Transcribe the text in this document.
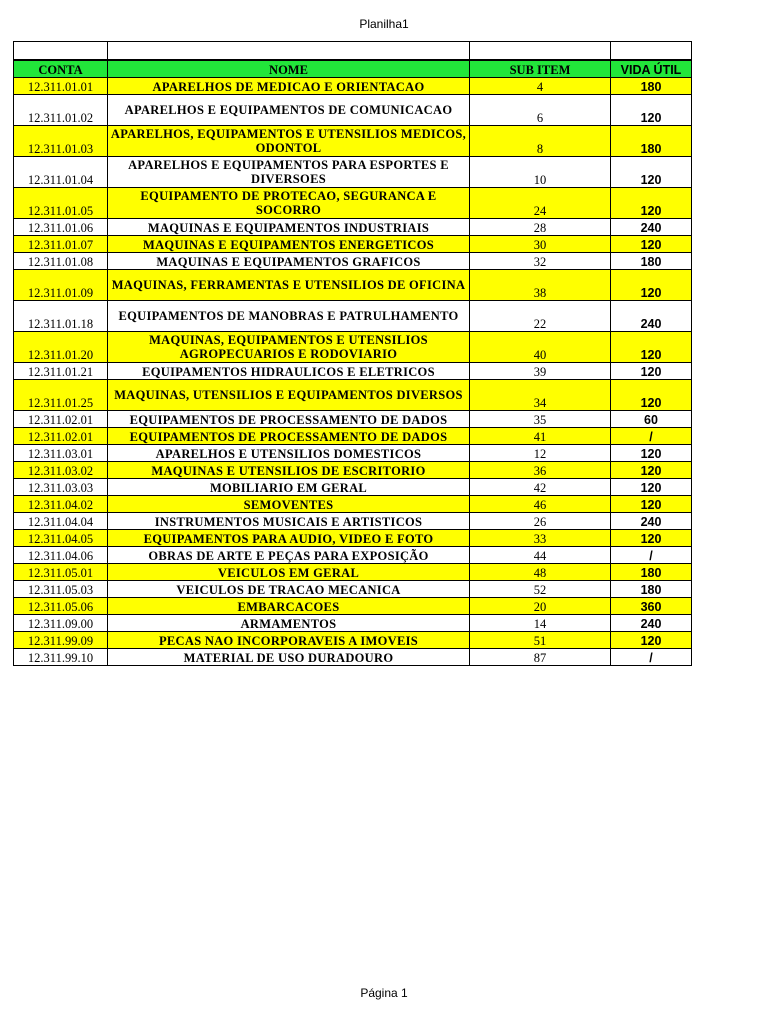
Planilha1

CONTA	NOME	SUB ITEM	VIDA ÚTIL
12.311.01.01	APARELHOS DE MEDICAO E ORIENTACAO	4	180
12.311.01.02	APARELHOS E EQUIPAMENTOS DE COMUNICACAO	6	120
12.311.01.03	APARELHOS, EQUIPAMENTOS E UTENSILIOS MEDICOS, ODONTOL	8	180
12.311.01.04	APARELHOS E EQUIPAMENTOS PARA ESPORTES E DIVERSOES	10	120
12.311.01.05	EQUIPAMENTO DE PROTECAO, SEGURANCA E SOCORRO	24	120
12.311.01.06	MAQUINAS E EQUIPAMENTOS INDUSTRIAIS	28	240
12.311.01.07	MAQUINAS E EQUIPAMENTOS ENERGETICOS	30	120
12.311.01.08	MAQUINAS E EQUIPAMENTOS GRAFICOS	32	180
12.311.01.09	MAQUINAS, FERRAMENTAS E UTENSILIOS DE OFICINA	38	120
12.311.01.18	EQUIPAMENTOS DE MANOBRAS E PATRULHAMENTO	22	240
12.311.01.20	MAQUINAS, EQUIPAMENTOS E UTENSILIOS AGROPECUARIOS E RODOVIARIO	40	120
12.311.01.21	EQUIPAMENTOS HIDRAULICOS E ELETRICOS	39	120
12.311.01.25	MAQUINAS, UTENSILIOS E EQUIPAMENTOS DIVERSOS	34	120
12.311.02.01	EQUIPAMENTOS DE PROCESSAMENTO DE DADOS	35	60
12.311.02.01	EQUIPAMENTOS DE PROCESSAMENTO DE DADOS	41	/
12.311.03.01	APARELHOS E UTENSILIOS DOMESTICOS	12	120
12.311.03.02	MAQUINAS E UTENSILIOS DE ESCRITORIO	36	120
12.311.03.03	MOBILIARIO EM GERAL	42	120
12.311.04.02	SEMOVENTES	46	120
12.311.04.04	INSTRUMENTOS MUSICAIS E ARTISTICOS	26	240
12.311.04.05	EQUIPAMENTOS PARA AUDIO, VIDEO E FOTO	33	120
12.311.04.06	OBRAS DE ARTE E PEÇAS PARA EXPOSIÇÃO	44	/
12.311.05.01	VEICULOS EM GERAL	48	180
12.311.05.03	VEICULOS DE TRACAO MECANICA	52	180
12.311.05.06	EMBARCACOES	20	360
12.311.09.00	ARMAMENTOS	14	240
12.311.99.09	PECAS NAO INCORPORAVEIS A IMOVEIS	51	120
12.311.99.10	MATERIAL DE USO DURADOURO	87	/
Página 1
